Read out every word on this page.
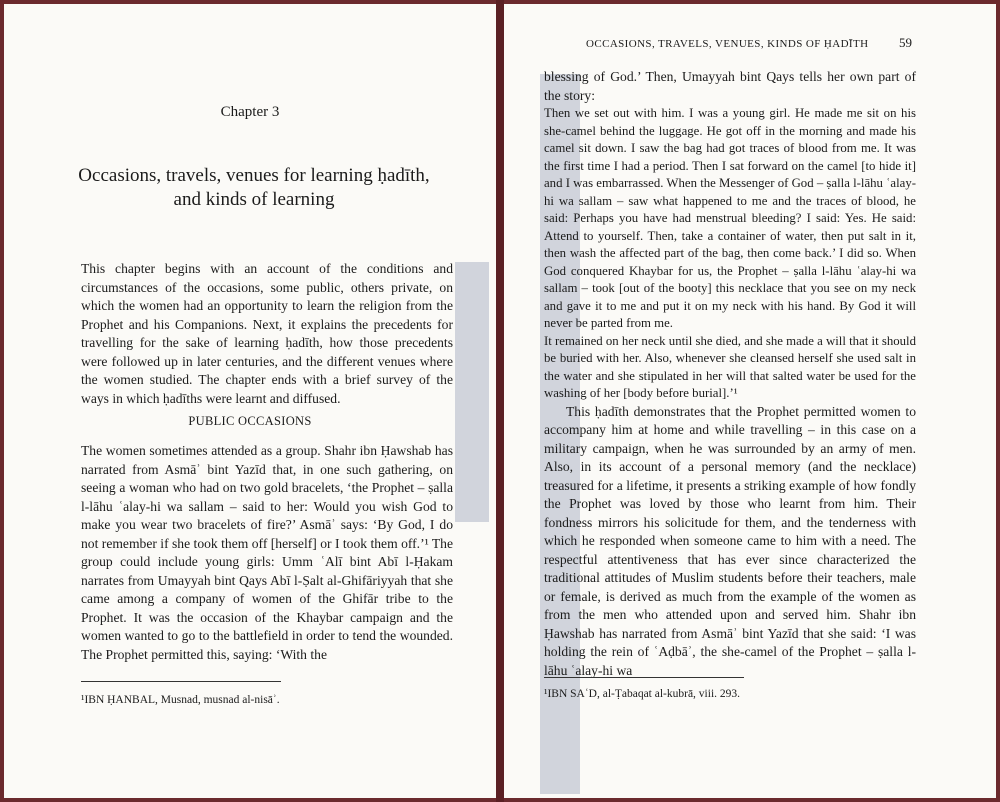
Chapter 3
Occasions, travels, venues for learning ḥadīth, and kinds of learning
This chapter begins with an account of the conditions and circumstances of the occasions, some public, others private, on which the women had an opportunity to learn the religion from the Prophet and his Companions. Next, it explains the precedents for travelling for the sake of learning ḥadīth, how those precedents were followed up in later centuries, and the different venues where the women studied. The chapter ends with a brief survey of the ways in which ḥadīths were learnt and diffused.
PUBLIC OCCASIONS
The women sometimes attended as a group. Shahr ibn Ḥawshab has narrated from Asmāʾ bint Yazīd that, in one such gathering, on seeing a woman who had on two gold bracelets, ‘the Prophet – ṣalla l-lāhu ʿalay-hi wa sallam – said to her: Would you wish God to make you wear two bracelets of fire?’ Asmāʾ says: ‘By God, I do not remember if she took them off [herself] or I took them off.’¹ The group could include young girls: Umm ʿAlī bint Abī l-Ḥakam narrates from Umayyah bint Qays Abī l-Ṣalt al-Ghifāriyyah that she came among a company of women of the Ghifār tribe to the Prophet. It was the occasion of the Khaybar campaign and the women wanted to go to the battlefield in order to tend the wounded. The Prophet permitted this, saying: ‘With the
¹IBN ḤANBAL, Musnad, musnad al-nisāʾ.
OCCASIONS, TRAVELS, VENUES, KINDS OF ḤADĪTH 59

blessing of God.’ Then, Umayyah bint Qays tells her own part of the story:

Then we set out with him. I was a young girl. He made me sit on his she-camel behind the luggage. He got off in the morning and made his camel sit down. I saw the bag had got traces of blood from me. It was the first time I had a period. Then I sat forward on the camel [to hide it] and I was embarrassed. When the Messenger of God – ṣalla l-lāhu ʿalay-hi wa sallam – saw what happened to me and the traces of blood, he said: Perhaps you have had menstrual bleeding? I said: Yes. He said: Attend to yourself. Then, take a container of water, then put salt in it, then wash the affected part of the bag, then come back.’ I did so. When God conquered Khaybar for us, the Prophet – ṣalla l-lāhu ʿalay-hi wa sallam – took [out of the booty] this necklace that you see on my neck and gave it to me and put it on my neck with his hand. By God it will never be parted from me.

It remained on her neck until she died, and she made a will that it should be buried with her. Also, whenever she cleansed herself she used salt in the water and she stipulated in her will that salted water be used for the washing of her [body before burial].’¹

This ḥadīth demonstrates that the Prophet permitted women to accompany him at home and while travelling – in this case on a military campaign, when he was surrounded by an army of men. Also, in its account of a personal memory (and the necklace) treasured for a lifetime, it presents a striking example of how fondly the Prophet was loved by those who learnt from him. Their fondness mirrors his solicitude for them, and the tenderness with which he responded when someone came to him with a need. The respectful attentiveness that has ever since characterized the traditional attitudes of Muslim students before their teachers, male or female, is derived as much from the example of the women as from the men who attended upon and served him. Shahr ibn Ḥawshab has narrated from Asmāʾ bint Yazīd that she said: ‘I was holding the rein of ʿAḍbāʾ, the she-camel of the Prophet – ṣalla l-lāhu ʿalay-hi wa

¹IBN SAʿD, al-Ṭabaqat al-kubrā, viii. 293.
